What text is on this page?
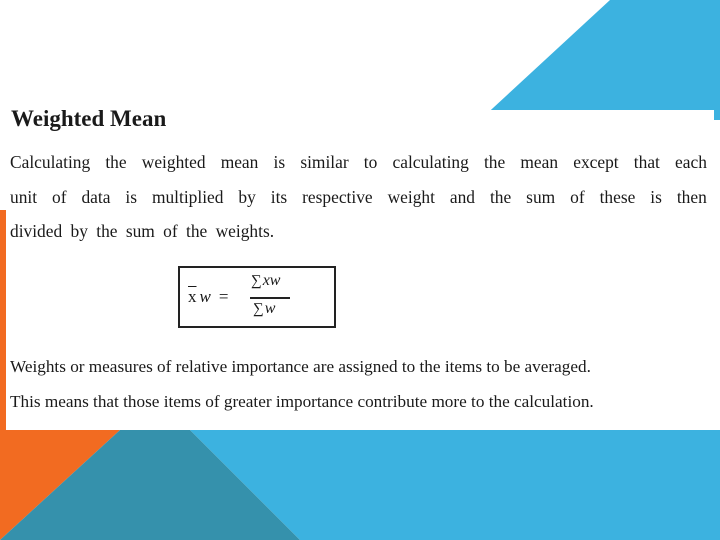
Weighted Mean
Calculating the weighted mean is similar to calculating the mean except that each
unit of data is multiplied by its respective weight and the sum of these is then
divided by the sum of the weights.
$\overline{x}$ w =
∑xw
∑w
Weights or measures of relative importance are assigned to the items to be averaged.
This means that those items of greater importance contribute more to the calculation.
